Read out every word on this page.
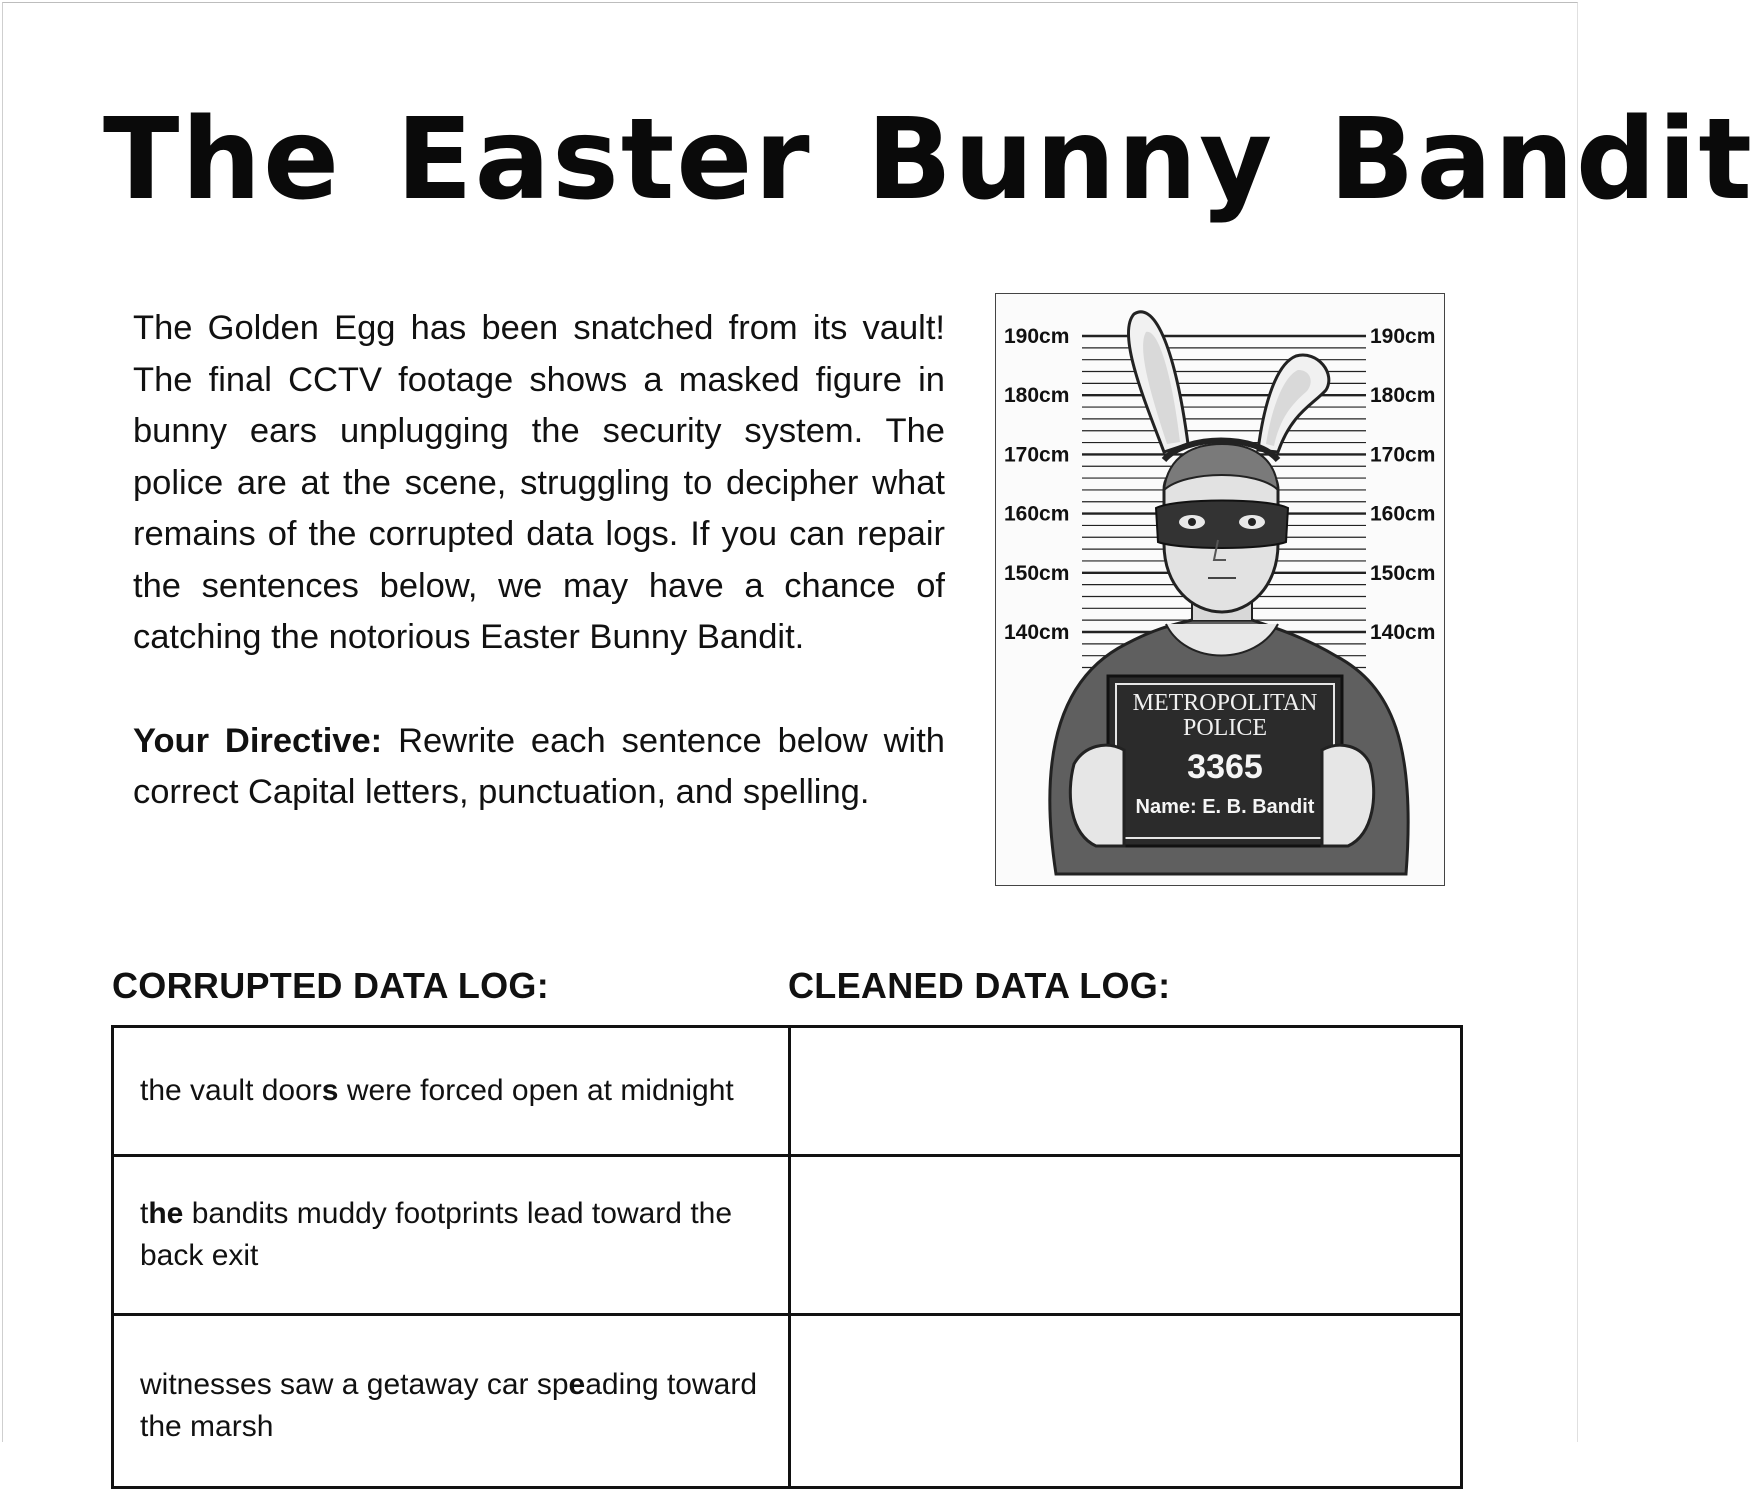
The Easter Bunny Bandit

The Golden Egg has been snatched from its vault! The final CCTV footage shows a masked figure in bunny ears unplugging the security system. The police are at the scene, struggling to decipher what remains of the corrupted data logs. If you can repair the sentences below, we may have a chance of catching the notorious Easter Bunny Bandit.

Your Directive: Rewrite each sentence below with correct Capital letters, punctuation, and spelling.

190cm	190cm
180cm	180cm
170cm	170cm
160cm	160cm
150cm	150cm
140cm	140cm
METROPOLITAN
POLICE
3365
Name: E. B. Bandit
CORRUPTED DATA LOG:	CLEANED DATA LOG:
the vault doors were forced open at midnight	
the bandits muddy footprints lead toward the back exit	
witnesses saw a getaway car speading toward the marsh	
